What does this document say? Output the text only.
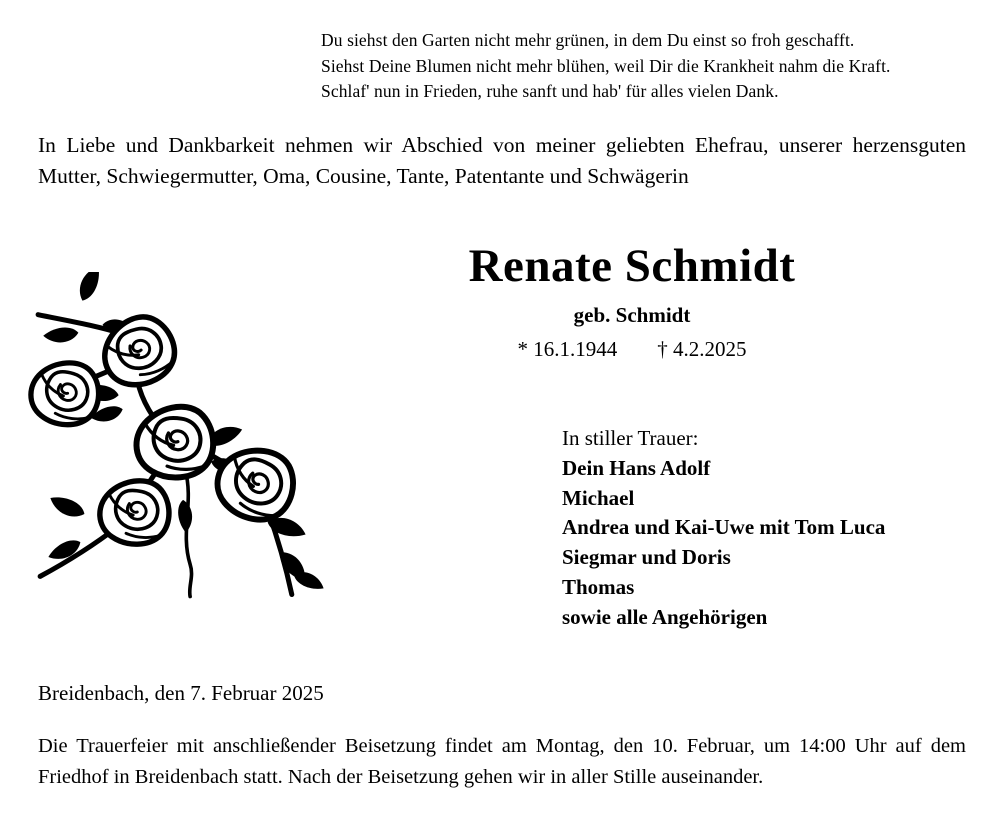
Du siehst den Garten nicht mehr grünen, in dem Du einst so froh geschafft.
Siehst Deine Blumen nicht mehr blühen, weil Dir die Krankheit nahm die Kraft.
Schlaf' nun in Frieden, ruhe sanft und hab' für alles vielen Dank.
In Liebe und Dankbarkeit nehmen wir Abschied von meiner geliebten Ehefrau, unserer herzensguten Mutter, Schwiegermutter, Oma, Cousine, Tante, Patentante und Schwägerin
Renate Schmidt
geb. Schmidt
* 16.1.1944 † 4.2.2025
In stiller Trauer:
Dein Hans Adolf
Michael
Andrea und Kai-Uwe mit Tom Luca
Siegmar und Doris
Thomas
sowie alle Angehörigen
Breidenbach, den 7. Februar 2025
Die Trauerfeier mit anschließender Beisetzung findet am Montag, den 10. Februar, um 14:00 Uhr auf dem Friedhof in Breidenbach statt. Nach der Beisetzung gehen wir in aller Stille auseinander.
